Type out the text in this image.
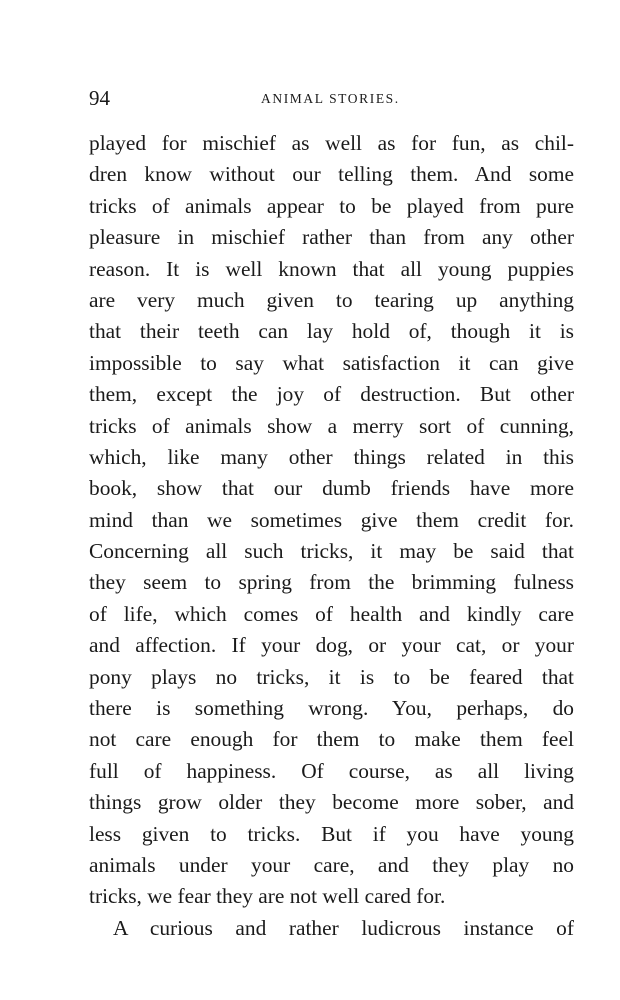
94	ANIMAL STORIES.
played for mischief as well as for fun, as chil-
dren know without our telling them. And some
tricks of animals appear to be played from pure
pleasure in mischief rather than from any other
reason. It is well known that all young puppies
are very much given to tearing up anything
that their teeth can lay hold of, though it is
impossible to say what satisfaction it can give
them, except the joy of destruction. But other
tricks of animals show a merry sort of cunning,
which, like many other things related in this
book, show that our dumb friends have more
mind than we sometimes give them credit for.
Concerning all such tricks, it may be said that
they seem to spring from the brimming fulness
of life, which comes of health and kindly care
and affection. If your dog, or your cat, or your
pony plays no tricks, it is to be feared that
there is something wrong. You, perhaps, do
not care enough for them to make them feel
full of happiness. Of course, as all living
things grow older they become more sober, and
less given to tricks. But if you have young
animals under your care, and they play no
tricks, we fear they are not well cared for.
A curious and rather ludicrous instance of
